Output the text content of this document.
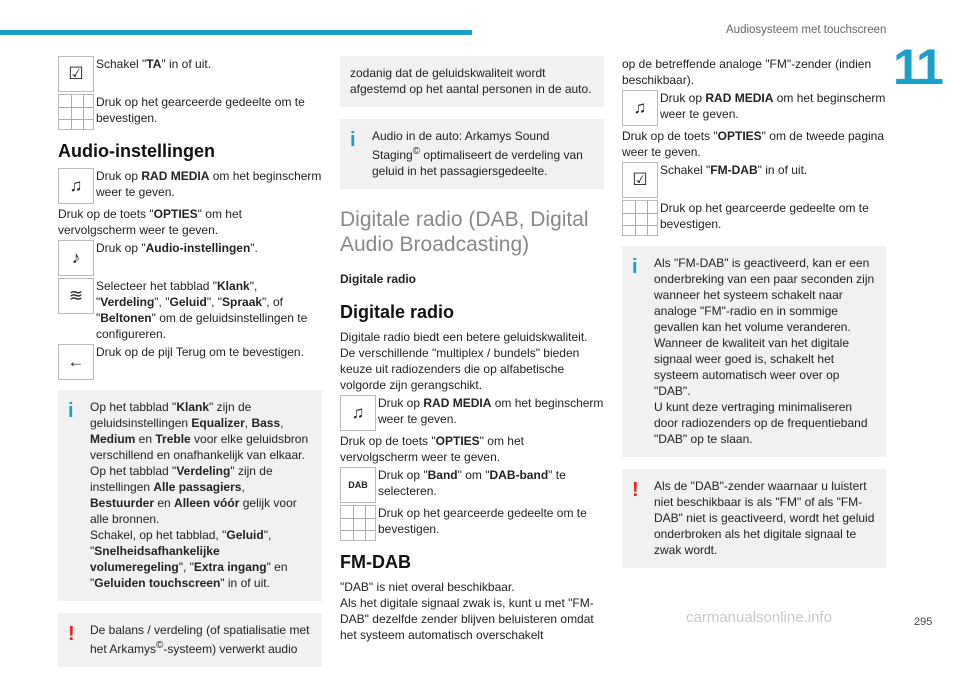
Audiosysteem met touchscreen
11
☑	Schakel "TA" in of uit.
Druk op het gearceerde gedeelte om te bevestigen.
Audio-instellingen
♫	Druk op RAD MEDIA om het beginscherm weer te geven.
Druk op de toets "OPTIES" om het vervolgscherm weer te geven.
♪	Druk op "Audio-instellingen".
≋	Selecteer het tabblad "Klank", "Verdeling", "Geluid", "Spraak", of "Beltonen" om de geluidsinstellingen te configureren.
← Druk op de pijl Terug om te bevestigen.
i	Op het tabblad "Klank" zijn de geluidsinstellingen Equalizer, Bass, Medium en Treble voor elke geluidsbron verschillend en onafhankelijk van elkaar.
Op het tabblad "Verdeling" zijn de instellingen Alle passagiers, Bestuurder en Alleen vóór gelijk voor alle bronnen.
Schakel, op het tabblad, "Geluid", "Snelheidsafhankelijke volumeregeling", "Extra ingang" en "Geluiden touchscreen" in of uit.
!	De balans / verdeling (of spatialisatie met het Arkamys©-systeem) verwerkt audio
zodanig dat de geluidskwaliteit wordt afgestemd op het aantal personen in de auto.
i	Audio in de auto: Arkamys Sound Staging© optimaliseert de verdeling van geluid in het passagiersgedeelte.
Digitale radio (DAB, Digital Audio Broadcasting)
Digitale radio
Digitale radio
Digitale radio biedt een betere geluidskwaliteit.
De verschillende "multiplex / bundels" bieden keuze uit radiozenders die op alfabetische volgorde zijn gerangschikt.
♫	Druk op RAD MEDIA om het beginscherm weer te geven.
Druk op de toets "OPTIES" om het vervolgscherm weer te geven.
DAB
Druk op "Band" om "DAB-band" te selecteren.
Druk op het gearceerde gedeelte om te bevestigen.
FM-DAB
"DAB" is niet overal beschikbaar.
Als het digitale signaal zwak is, kunt u met "FM-DAB" dezelfde zender blijven beluisteren omdat het systeem automatisch overschakelt
op de betreffende analoge "FM"-zender (indien beschikbaar).
♫	Druk op RAD MEDIA om het beginscherm weer te geven.
Druk op de toets "OPTIES" om de tweede pagina weer te geven.
☑	Schakel "FM-DAB" in of uit.
Druk op het gearceerde gedeelte om te bevestigen.
i	Als "FM-DAB" is geactiveerd, kan er een onderbreking van een paar seconden zijn wanneer het systeem schakelt naar analoge "FM"-radio en in sommige gevallen kan het volume veranderen.
Wanneer de kwaliteit van het digitale signaal weer goed is, schakelt het systeem automatisch weer over op "DAB".
U kunt deze vertraging minimaliseren door radiozenders op de frequentieband "DAB" op te slaan.
!	Als de "DAB"-zender waarnaar u luistert niet beschikbaar is als "FM" of als "FM-DAB" niet is geactiveerd, wordt het geluid onderbroken als het digitale signaal te zwak wordt.
carmanualsonline.info	295
